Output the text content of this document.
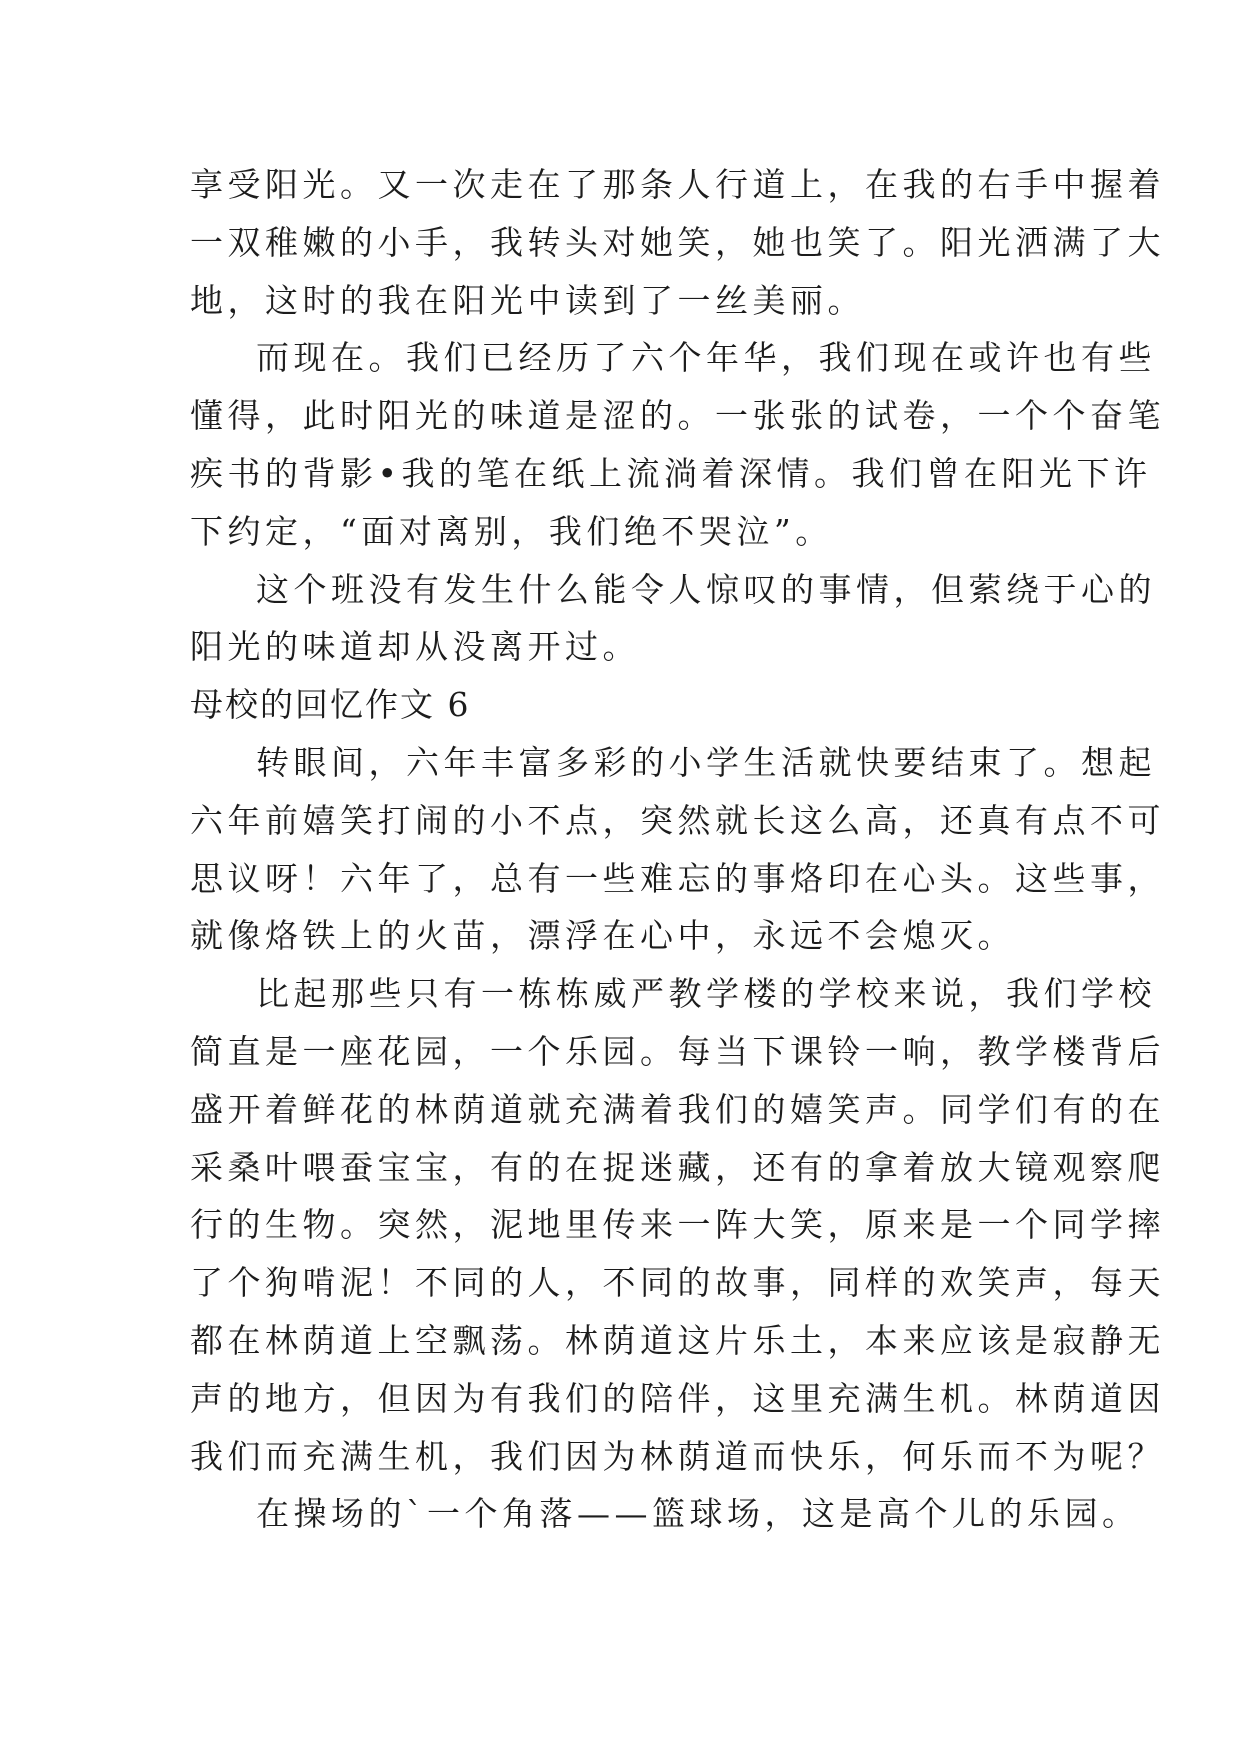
享受阳光。又一次走在了那条人行道上，在我的右手中握着
一双稚嫩的小手，我转头对她笑，她也笑了。阳光洒满了大
地，这时的我在阳光中读到了一丝美丽。
而现在。我们已经历了六个年华，我们现在或许也有些
懂得，此时阳光的味道是涩的。一张张的试卷，一个个奋笔
疾书的背影•我的笔在纸上流淌着深情。我们曾在阳光下许
下约定，“面对离别，我们绝不哭泣”。
这个班没有发生什么能令人惊叹的事情，但萦绕于心的
阳光的味道却从没离开过。
母校的回忆作文 6
转眼间，六年丰富多彩的小学生活就快要结束了。想起
六年前嬉笑打闹的小不点，突然就长这么高，还真有点不可
思议呀！六年了，总有一些难忘的事烙印在心头。这些事，
就像烙铁上的火苗，漂浮在心中，永远不会熄灭。
比起那些只有一栋栋威严教学楼的学校来说，我们学校
简直是一座花园，一个乐园。每当下课铃一响，教学楼背后
盛开着鲜花的林荫道就充满着我们的嬉笑声。同学们有的在
采桑叶喂蚕宝宝，有的在捉迷藏，还有的拿着放大镜观察爬
行的生物。突然，泥地里传来一阵大笑，原来是一个同学摔
了个狗啃泥！不同的人，不同的故事，同样的欢笑声，每天
都在林荫道上空飘荡。林荫道这片乐土，本来应该是寂静无
声的地方，但因为有我们的陪伴，这里充满生机。林荫道因
我们而充满生机，我们因为林荫道而快乐，何乐而不为呢？
在操场的`一个角落——篮球场，这是高个儿的乐园。
